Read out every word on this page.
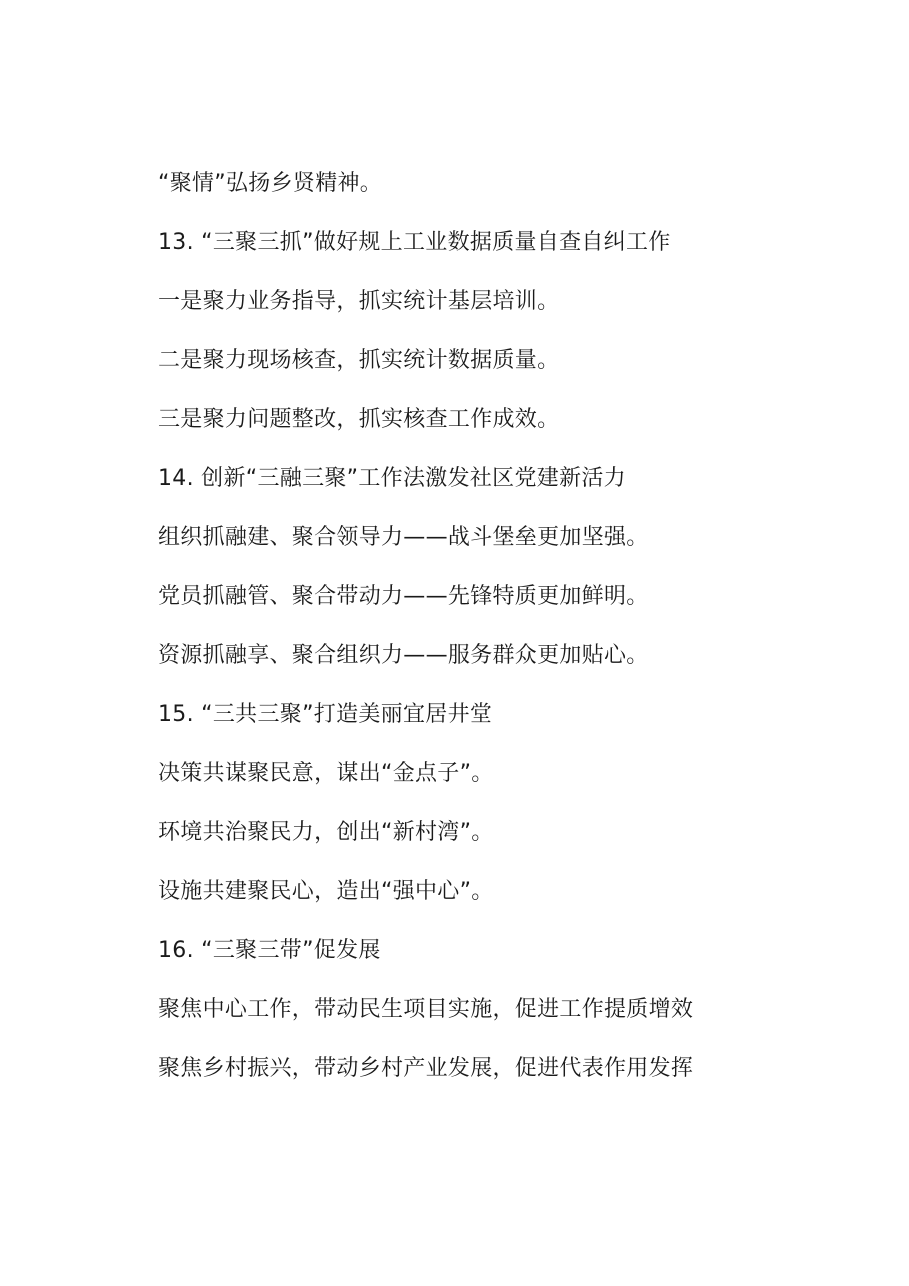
“聚情”弘扬乡贤精神。
13. “三聚三抓”做好规上工业数据质量自查自纠工作
一是聚力业务指导，抓实统计基层培训。
二是聚力现场核查，抓实统计数据质量。
三是聚力问题整改，抓实核查工作成效。
14. 创新“三融三聚”工作法激发社区党建新活力
组织抓融建、聚合领导力——战斗堡垒更加坚强。
党员抓融管、聚合带动力——先锋特质更加鲜明。
资源抓融享、聚合组织力——服务群众更加贴心。
15. “三共三聚”打造美丽宜居井堂
决策共谋聚民意，谋出“金点子”。
环境共治聚民力，创出“新村湾”。
设施共建聚民心，造出“强中心”。
16. “三聚三带”促发展
聚焦中心工作，带动民生项目实施，促进工作提质增效
聚焦乡村振兴，带动乡村产业发展，促进代表作用发挥
